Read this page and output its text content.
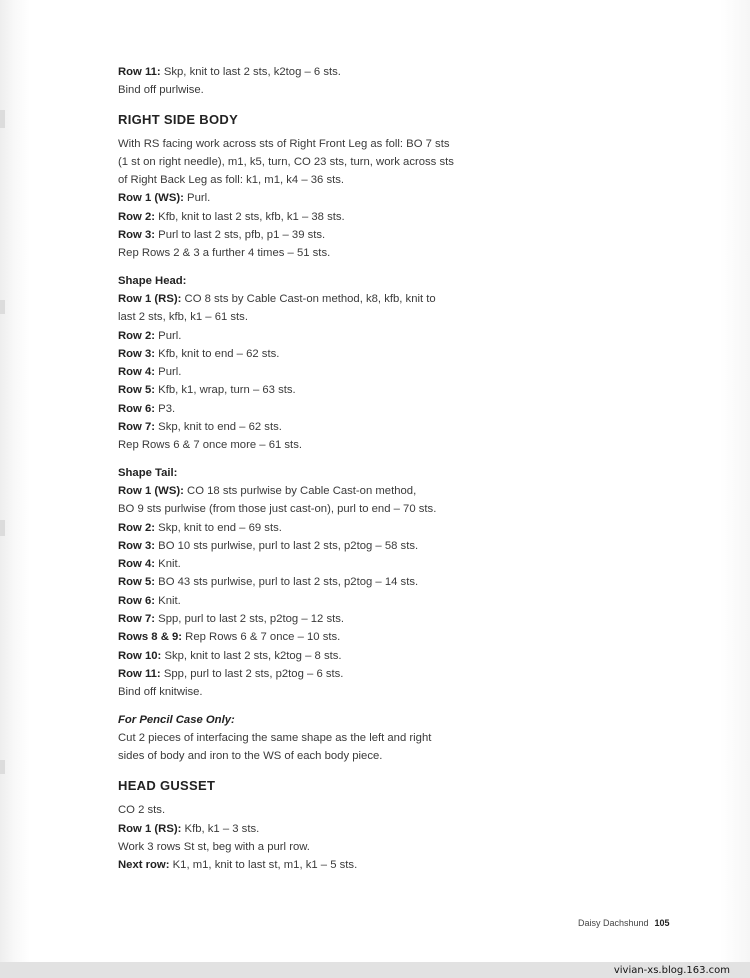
Row 11: Skp, knit to last 2 sts, k2tog – 6 sts.
Bind off purlwise.
RIGHT SIDE BODY
With RS facing work across sts of Right Front Leg as foll: BO 7 sts
(1 st on right needle), m1, k5, turn, CO 23 sts, turn, work across sts
of Right Back Leg as foll: k1, m1, k4 – 36 sts.
Row 1 (WS): Purl.
Row 2: Kfb, knit to last 2 sts, kfb, k1 – 38 sts.
Row 3: Purl to last 2 sts, pfb, p1 – 39 sts.
Rep Rows 2 & 3 a further 4 times – 51 sts.
Shape Head:
Row 1 (RS): CO 8 sts by Cable Cast-on method, k8, kfb, knit to
last 2 sts, kfb, k1 – 61 sts.
Row 2: Purl.
Row 3: Kfb, knit to end – 62 sts.
Row 4: Purl.
Row 5: Kfb, k1, wrap, turn – 63 sts.
Row 6: P3.
Row 7: Skp, knit to end – 62 sts.
Rep Rows 6 & 7 once more – 61 sts.
Shape Tail:
Row 1 (WS): CO 18 sts purlwise by Cable Cast-on method,
BO 9 sts purlwise (from those just cast-on), purl to end – 70 sts.
Row 2: Skp, knit to end – 69 sts.
Row 3: BO 10 sts purlwise, purl to last 2 sts, p2tog – 58 sts.
Row 4: Knit.
Row 5: BO 43 sts purlwise, purl to last 2 sts, p2tog – 14 sts.
Row 6: Knit.
Row 7: Spp, purl to last 2 sts, p2tog – 12 sts.
Rows 8 & 9: Rep Rows 6 & 7 once – 10 sts.
Row 10: Skp, knit to last 2 sts, k2tog – 8 sts.
Row 11: Spp, purl to last 2 sts, p2tog – 6 sts.
Bind off knitwise.
For Pencil Case Only:
Cut 2 pieces of interfacing the same shape as the left and right
sides of body and iron to the WS of each body piece.
HEAD GUSSET
CO 2 sts.
Row 1 (RS): Kfb, k1 – 3 sts.
Work 3 rows St st, beg with a purl row.
Next row: K1, m1, knit to last st, m1, k1 – 5 sts.
Daisy Dachshund 105
vivian-xs.blog.163.com
